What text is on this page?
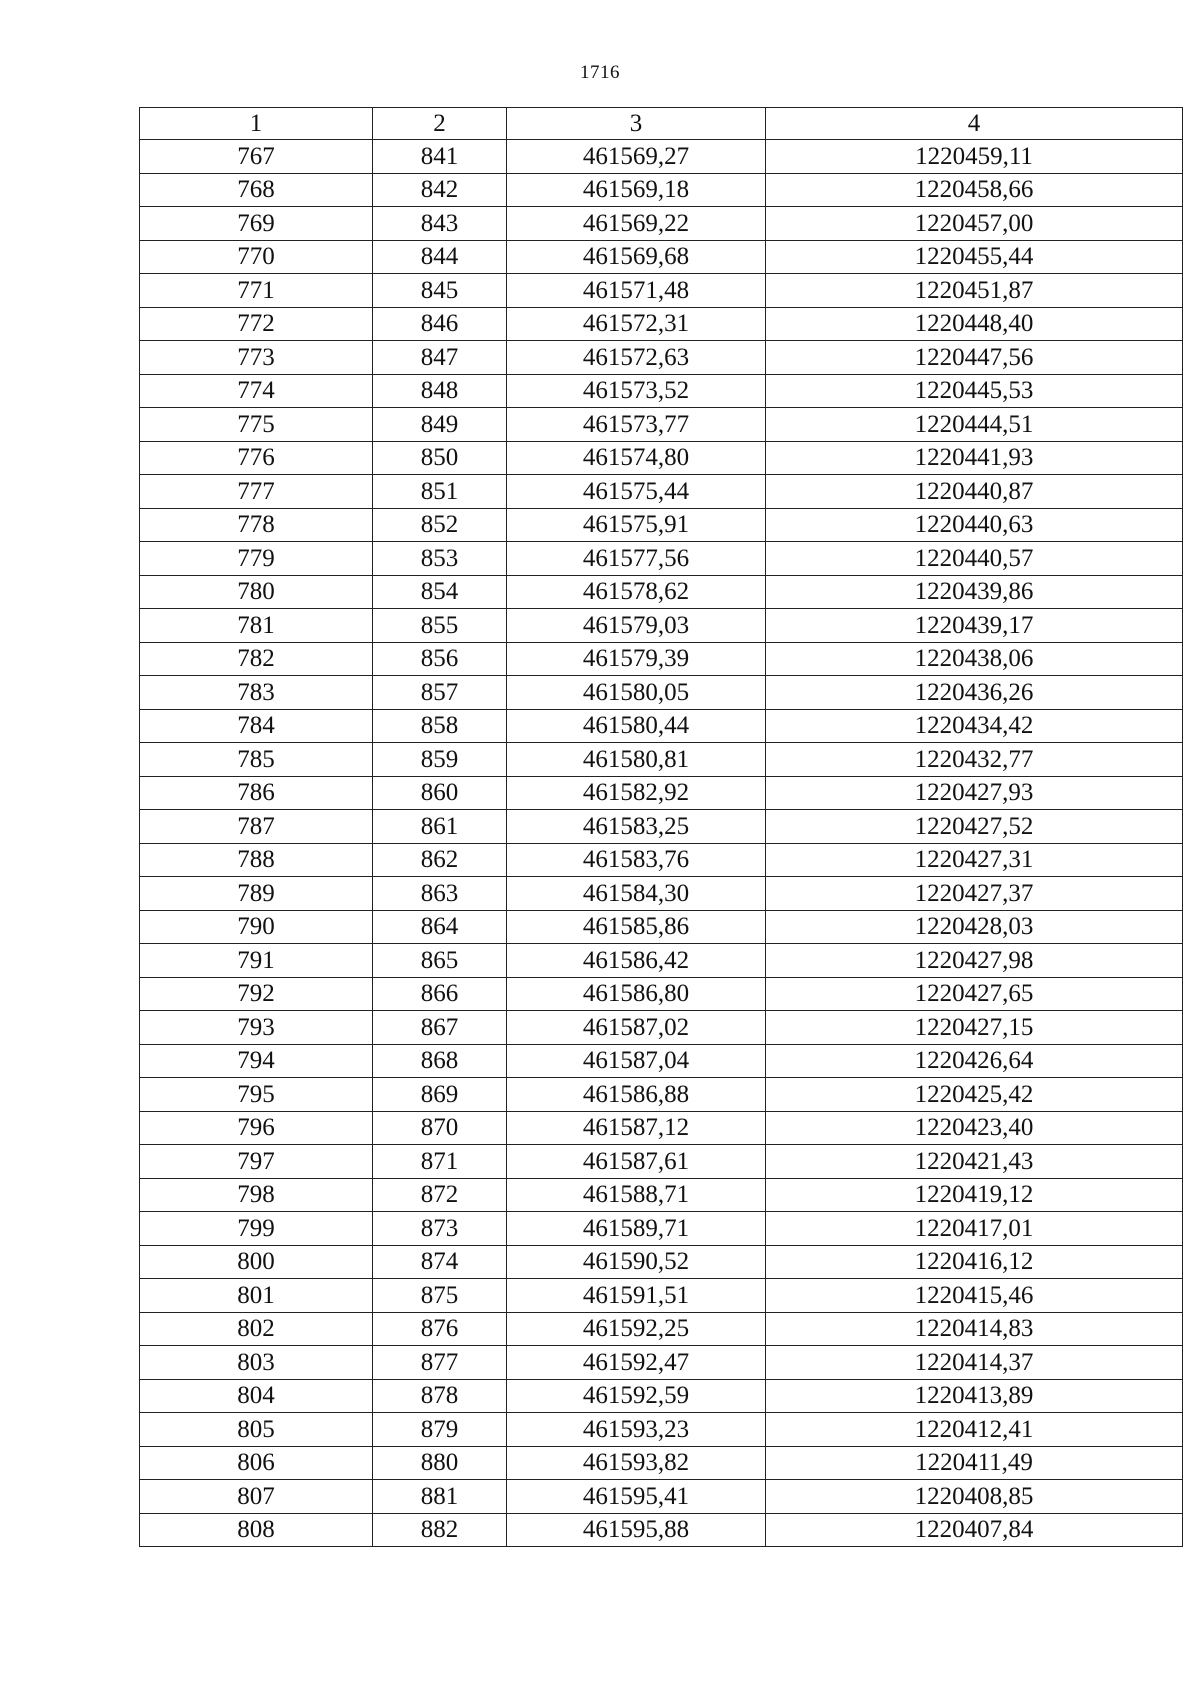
1716
1	2	3	4
767	841	461569,27	1220459,11
768	842	461569,18	1220458,66
769	843	461569,22	1220457,00
770	844	461569,68	1220455,44
771	845	461571,48	1220451,87
772	846	461572,31	1220448,40
773	847	461572,63	1220447,56
774	848	461573,52	1220445,53
775	849	461573,77	1220444,51
776	850	461574,80	1220441,93
777	851	461575,44	1220440,87
778	852	461575,91	1220440,63
779	853	461577,56	1220440,57
780	854	461578,62	1220439,86
781	855	461579,03	1220439,17
782	856	461579,39	1220438,06
783	857	461580,05	1220436,26
784	858	461580,44	1220434,42
785	859	461580,81	1220432,77
786	860	461582,92	1220427,93
787	861	461583,25	1220427,52
788	862	461583,76	1220427,31
789	863	461584,30	1220427,37
790	864	461585,86	1220428,03
791	865	461586,42	1220427,98
792	866	461586,80	1220427,65
793	867	461587,02	1220427,15
794	868	461587,04	1220426,64
795	869	461586,88	1220425,42
796	870	461587,12	1220423,40
797	871	461587,61	1220421,43
798	872	461588,71	1220419,12
799	873	461589,71	1220417,01
800	874	461590,52	1220416,12
801	875	461591,51	1220415,46
802	876	461592,25	1220414,83
803	877	461592,47	1220414,37
804	878	461592,59	1220413,89
805	879	461593,23	1220412,41
806	880	461593,82	1220411,49
807	881	461595,41	1220408,85
808	882	461595,88	1220407,84
